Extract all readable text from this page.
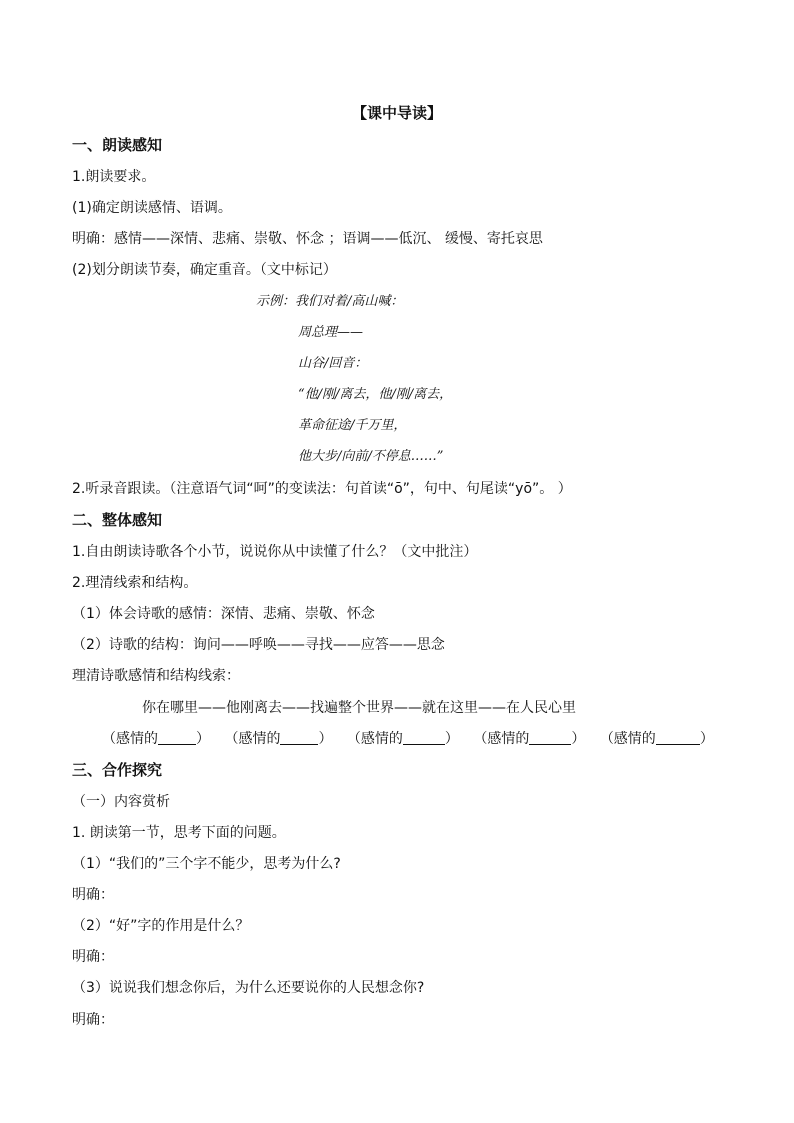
【课中导读】
一、朗读感知
1.朗读要求。
(1)确定朗读感情、语调。
明确：感情——深情、悲痛、崇敬、怀念 ；语调——低沉、 缓慢、寄托哀思
(2)划分朗读节奏，确定重音。（文中标记）
示例：我们对着/高山喊：
周总理——
山谷/回音：
“他/刚/离去，他/刚/离去，
革命征途/千万里，
他大步/向前/不停息……”
2.听录音跟读。（注意语气词“呵”的变读法：句首读“ō”，句中、句尾读“yō”。 ）
二、整体感知
1.自由朗读诗歌各个小节，说说你从中读懂了什么？（文中批注）
2.理清线索和结构。
（1）体会诗歌的感情：深情、悲痛、崇敬、怀念
（2）诗歌的结构：询问——呼唤——寻找——应答——思念
理清诗歌感情和结构线索：
你在哪里——他刚离去——找遍整个世界——就在这里——在人民心里
（感情的	） （感情的	） （感情的	） （感情的	） （感情的	）
三、合作探究
（一）内容赏析
1. 朗读第一节，思考下面的问题。
（1）“我们的”三个字不能少，思考为什么?
明确：
（2）“好”字的作用是什么？
明确：
（3）说说我们想念你后，为什么还要说你的人民想念你?
明确：
